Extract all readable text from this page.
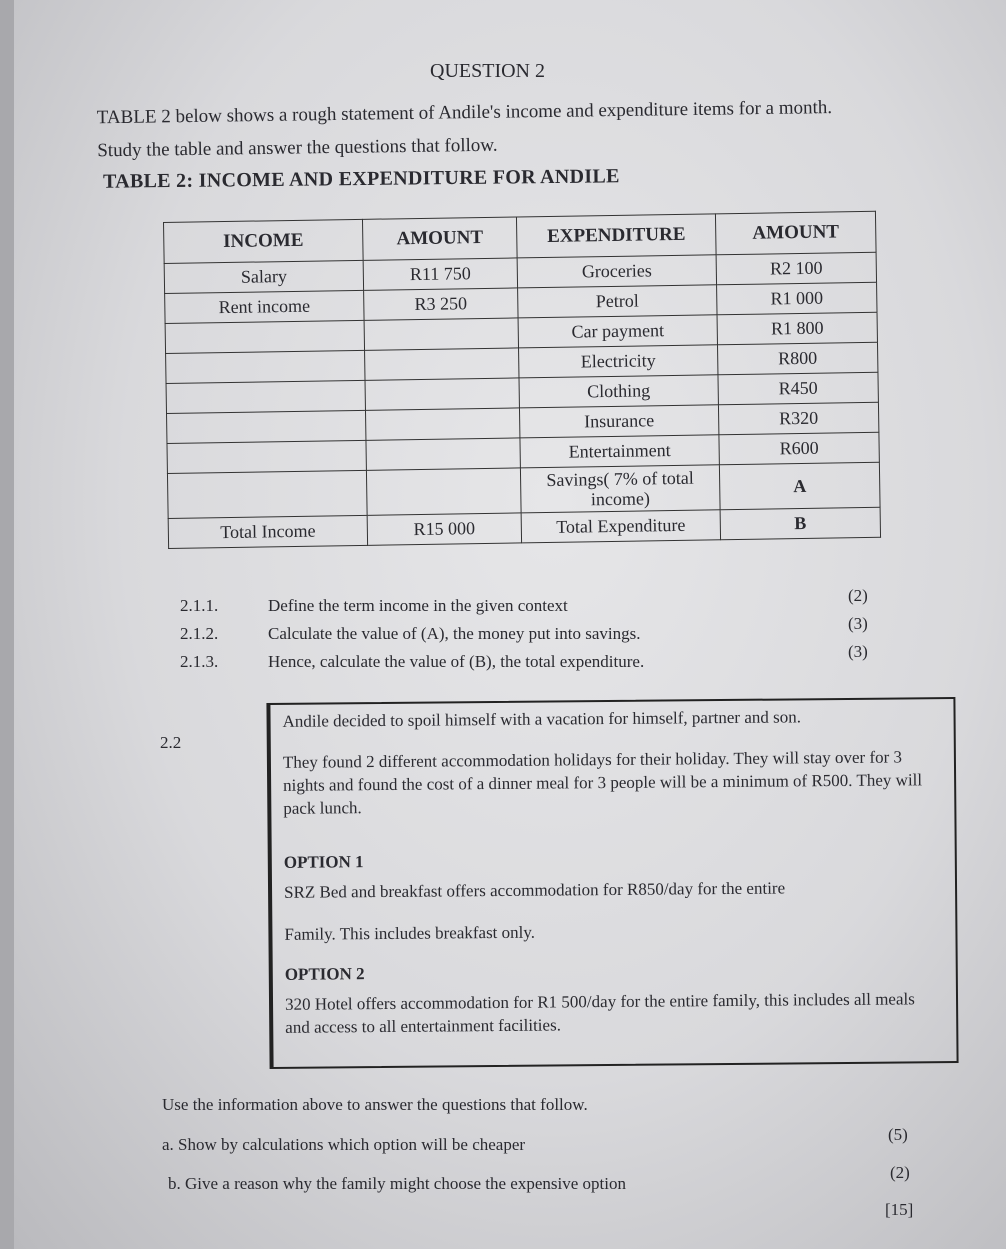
QUESTION 2
TABLE 2 below shows a rough statement of Andile's income and expenditure items for a month. Study the table and answer the questions that follow.
TABLE 2: INCOME AND EXPENDITURE FOR ANDILE
INCOME	AMOUNT	EXPENDITURE	AMOUNT
Salary	R11 750	Groceries	R2 100
Rent income	R3 250	Petrol	R1 000
		Car payment	R1 800
		Electricity	R800
		Clothing	R450
		Insurance	R320
		Entertainment	R600
		Savings( 7% of total income)	A
Total Income	R15 000	Total Expenditure	B
2.1.1.	Define the term income in the given context
(2)
2.1.2.	Calculate the value of (A), the money put into savings.
(3)
2.1.3.	Hence, calculate the value of (B), the total expenditure.
(3)
2.2

Andile decided to spoil himself with a vacation for himself, partner and son.

They found 2 different accommodation holidays for their holiday. They will stay over for 3 nights and found the cost of a dinner meal for 3 people will be a minimum of R500. They will pack lunch.

OPTION 1

SRZ Bed and breakfast offers accommodation for R850/day for the entire

Family. This includes breakfast only.

OPTION 2

320 Hotel offers accommodation for R1 500/day for the entire family, this includes all meals and access to all entertainment facilities.

Use the information above to answer the questions that follow.
a. Show by calculations which option will be cheaper
(5)
b. Give a reason why the family might choose the expensive option
(2)
[15]
